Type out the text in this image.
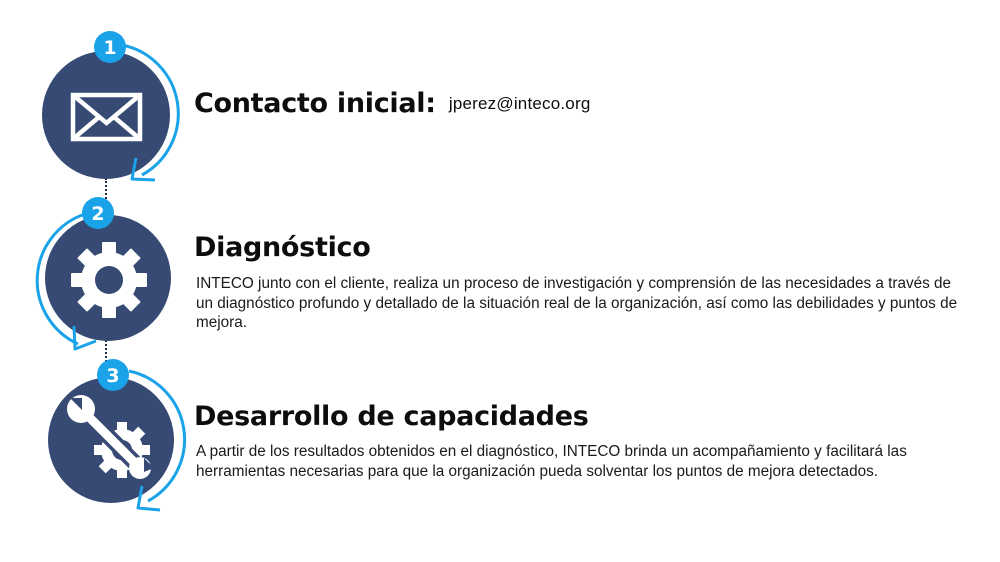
1
Contacto inicial: jperez@inteco.org
2
Diagnóstico

INTECO junto con el cliente, realiza un proceso de investigación y comprensión de las necesidades a través de un diagnóstico profundo y detallado de la situación real de la organización, así como las debilidades y puntos de mejora.

3
Desarrollo de capacidades

A partir de los resultados obtenidos en el diagnóstico, INTECO brinda un acompañamiento y facilitará las herramientas necesarias para que la organización pueda solventar los puntos de mejora detectados.
